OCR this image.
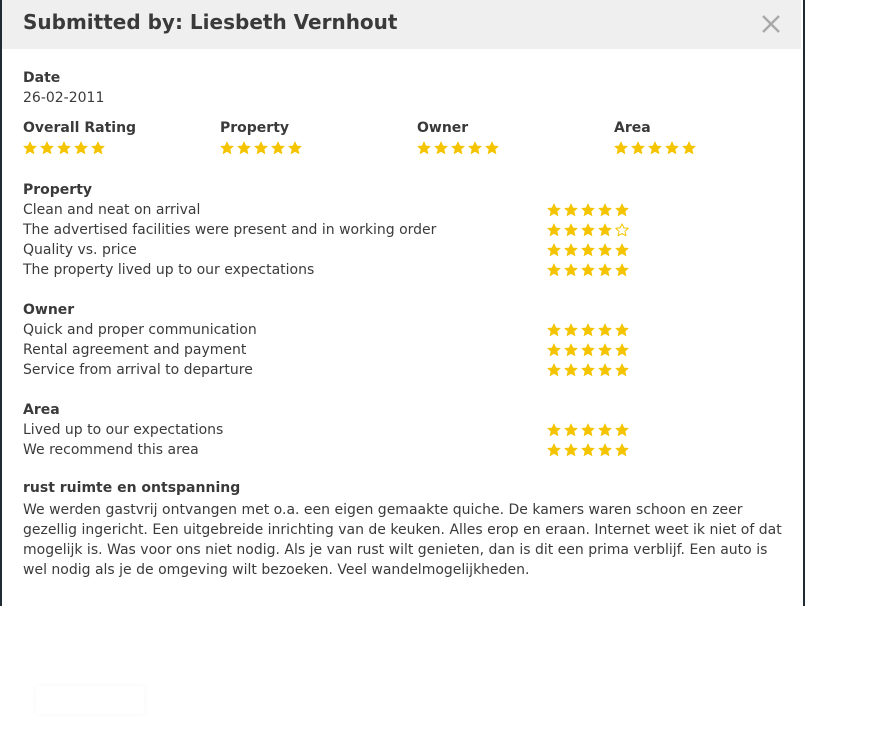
Submitted by: Liesbeth Vernhout
Date
26-02-2011
Overall Rating	Property	Owner	Area
Property
Clean and neat on arrival
The advertised facilities were present and in working order
Quality vs. price
The property lived up to our expectations
Owner
Quick and proper communication
Rental agreement and payment
Service from arrival to departure
Area
Lived up to our expectations
We recommend this area
rust ruimte en ontspanning

We werden gastvrij ontvangen met o.a. een eigen gemaakte quiche. De kamers waren schoon en zeer gezellig ingericht. Een uitgebreide inrichting van de keuken. Alles erop en eraan. Internet weet ik niet of dat mogelijk is. Was voor ons niet nodig. Als je van rust wilt genieten, dan is dit een prima verblijf. Een auto is wel nodig als je de omgeving wilt bezoeken. Veel wandelmogelijkheden.
